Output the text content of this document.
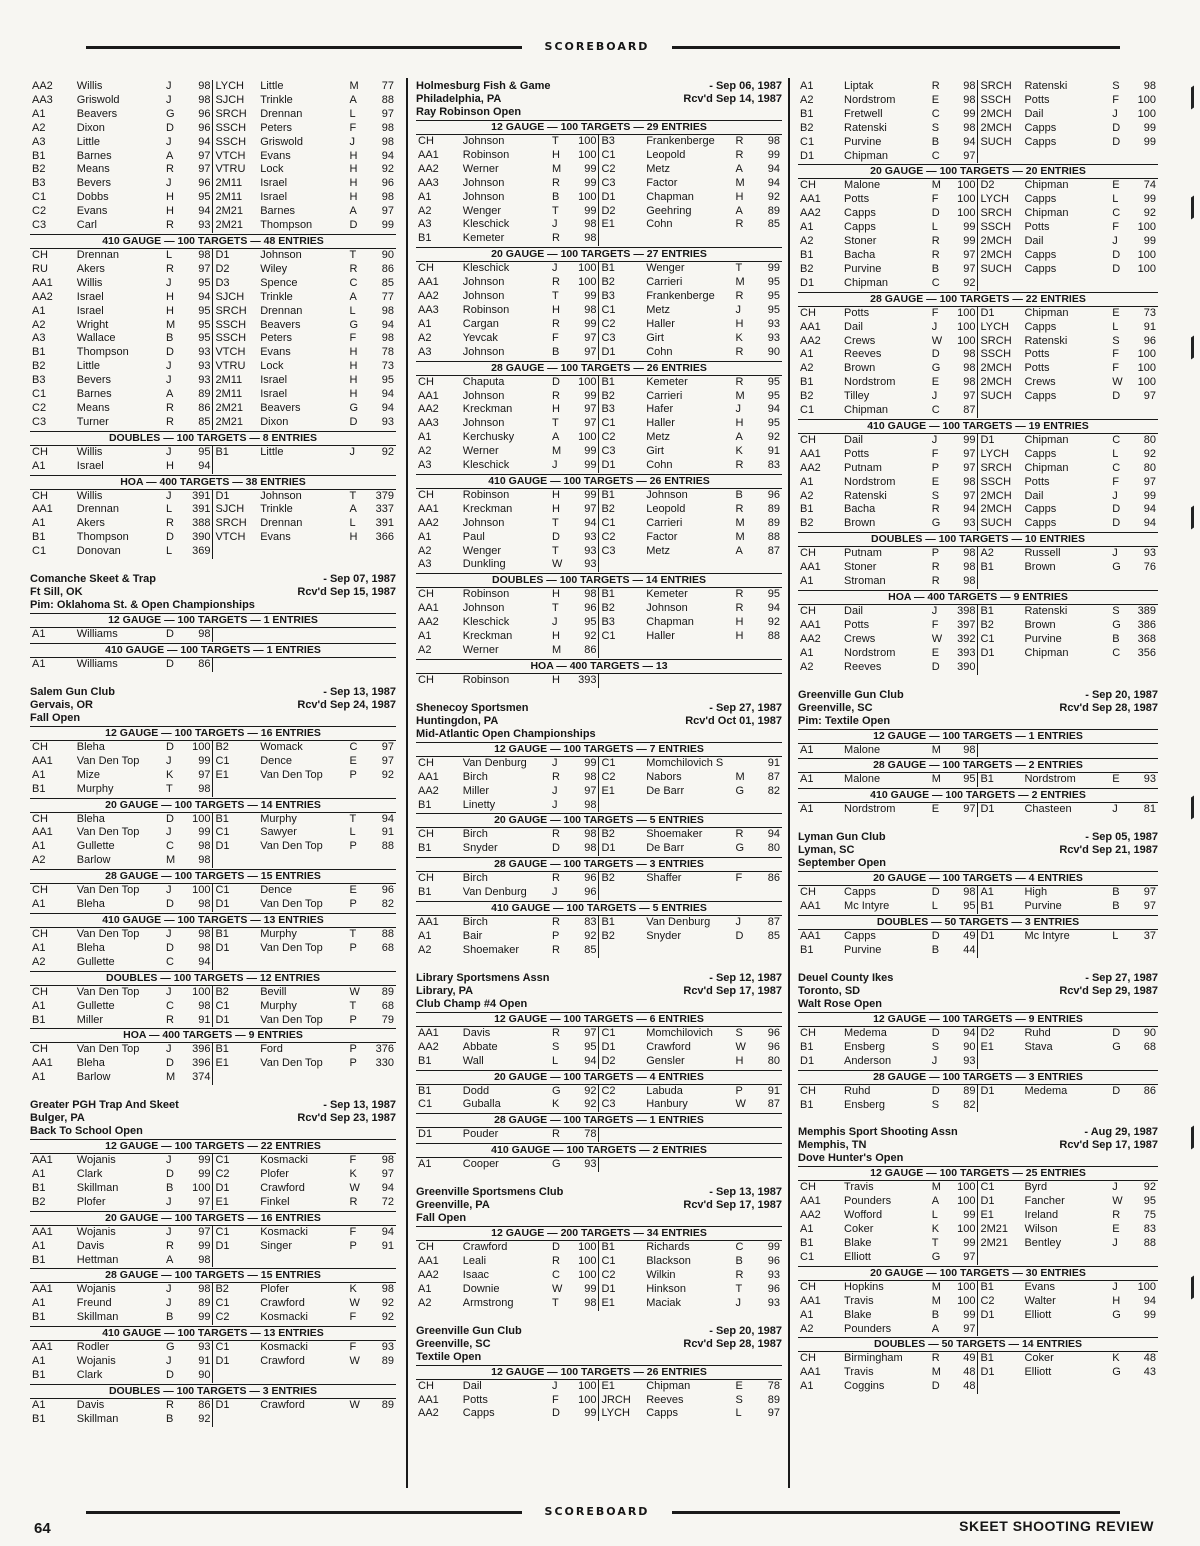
SCOREBOARD
AA2	Willis	J	98	LYCH	Little	M	77
AA3	Griswold	J	98	SJCH	Trinkle	A	88
A1	Beavers	G	96	SRCH	Drennan	L	97
A2	Dixon	D	96	SSCH	Peters	F	98
A3	Little	J	94	SSCH	Griswold	J	98
B1	Barnes	A	97	VTCH	Evans	H	94
B2	Means	R	97	VTRU	Lock	H	92
B3	Bevers	J	96	2M11	Israel	H	96
C1	Dobbs	H	95	2M11	Israel	H	98
C2	Evans	H	94	2M21	Barnes	A	97
C3	Carl	R	93	2M21	Thompson	D	99
410 GAUGE — 100 TARGETS — 48 ENTRIES
CH	Drennan	L	98	D1	Johnson	T	90
RU	Akers	R	97	D2	Wiley	R	86
AA1	Willis	J	95	D3	Spence	C	85
AA2	Israel	H	94	SJCH	Trinkle	A	77
A1	Israel	H	95	SRCH	Drennan	L	98
A2	Wright	M	95	SSCH	Beavers	G	94
A3	Wallace	B	95	SSCH	Peters	F	98
B1	Thompson	D	93	VTCH	Evans	H	78
B2	Little	J	93	VTRU	Lock	H	73
B3	Bevers	J	93	2M11	Israel	H	95
C1	Barnes	A	89	2M11	Israel	H	94
C2	Means	R	86	2M21	Beavers	G	94
C3	Turner	R	85	2M21	Dixon	D	93
DOUBLES — 100 TARGETS — 8 ENTRIES
CH	Willis	J	95	B1	Little	J	92
A1	Israel	H	94				
HOA — 400 TARGETS — 38 ENTRIES
CH	Willis	J	391	D1	Johnson	T	379
AA1	Drennan	L	391	SJCH	Trinkle	A	337
A1	Akers	R	388	SRCH	Drennan	L	391
B1	Thompson	D	390	VTCH	Evans	H	366
C1	Donovan	L	369				
Comanche Skeet & Trap	- Sep 07, 1987
Ft Sill, OK	Rcv'd Sep 15, 1987
Pim: Oklahoma St. & Open Championships
12 GAUGE — 100 TARGETS — 1 ENTRIES
A1	Williams	D	98				
410 GAUGE — 100 TARGETS — 1 ENTRIES
A1	Williams	D	86				
Salem Gun Club	- Sep 13, 1987
Gervais, OR	Rcv'd Sep 24, 1987
Fall Open
12 GAUGE — 100 TARGETS — 16 ENTRIES
CH	Bleha	D	100	B2	Womack	C	97
AA1	Van Den Top	J	99	C1	Dence	E	97
A1	Mize	K	97	E1	Van Den Top	P	92
B1	Murphy	T	98				
20 GAUGE — 100 TARGETS — 14 ENTRIES
CH	Bleha	D	100	B1	Murphy	T	94
AA1	Van Den Top	J	99	C1	Sawyer	L	91
A1	Gullette	C	98	D1	Van Den Top	P	88
A2	Barlow	M	98				
28 GAUGE — 100 TARGETS — 15 ENTRIES
CH	Van Den Top	J	100	C1	Dence	E	96
A1	Bleha	D	98	D1	Van Den Top	P	82
410 GAUGE — 100 TARGETS — 13 ENTRIES
CH	Van Den Top	J	98	B1	Murphy	T	88
A1	Bleha	D	98	D1	Van Den Top	P	68
A2	Gullette	C	94				
DOUBLES — 100 TARGETS — 12 ENTRIES
CH	Van Den Top	J	100	B2	Bevill	W	89
A1	Gullette	C	98	C1	Murphy	T	68
B1	Miller	R	91	D1	Van Den Top	P	79
HOA — 400 TARGETS — 9 ENTRIES
CH	Van Den Top	J	396	B1	Ford	P	376
AA1	Bleha	D	396	E1	Van Den Top	P	330
A1	Barlow	M	374				
Greater PGH Trap And Skeet	- Sep 13, 1987
Bulger, PA	Rcv'd Sep 23, 1987
Back To School Open
12 GAUGE — 100 TARGETS — 22 ENTRIES
AA1	Wojanis	J	99	C1	Kosmacki	F	98
A1	Clark	D	99	C2	Plofer	K	97
B1	Skillman	B	100	D1	Crawford	W	94
B2	Plofer	J	97	E1	Finkel	R	72
20 GAUGE — 100 TARGETS — 16 ENTRIES
AA1	Wojanis	J	97	C1	Kosmacki	F	94
A1	Davis	R	99	D1	Singer	P	91
B1	Hettman	A	98				
28 GAUGE — 100 TARGETS — 15 ENTRIES
AA1	Wojanis	J	98	B2	Plofer	K	98
A1	Freund	J	89	C1	Crawford	W	92
B1	Skillman	B	99	C2	Kosmacki	F	92
410 GAUGE — 100 TARGETS — 13 ENTRIES
AA1	Rodler	G	93	C1	Kosmacki	F	93
A1	Wojanis	J	91	D1	Crawford	W	89
B1	Clark	D	90				
DOUBLES — 100 TARGETS — 3 ENTRIES
A1	Davis	R	86	D1	Crawford	W	89
B1	Skillman	B	92				
Holmesburg Fish & Game	- Sep 06, 1987
Philadelphia, PA	Rcv'd Sep 14, 1987
Ray Robinson Open
12 GAUGE — 100 TARGETS — 29 ENTRIES
CH	Johnson	T	100	B3	Frankenberge	R	98
AA1	Robinson	H	100	C1	Leopold	R	99
AA2	Werner	M	99	C2	Metz	A	94
AA3	Johnson	R	99	C3	Factor	M	94
A1	Johnson	B	100	D1	Chapman	H	92
A2	Wenger	T	99	D2	Geehring	A	89
A3	Kleschick	J	98	E1	Cohn	R	85
B1	Kemeter	R	98				
20 GAUGE — 100 TARGETS — 27 ENTRIES
CH	Kleschick	J	100	B1	Wenger	T	99
AA1	Johnson	R	100	B2	Carrieri	M	95
AA2	Johnson	T	99	B3	Frankenberge	R	95
AA3	Robinson	H	98	C1	Metz	J	95
A1	Cargan	R	99	C2	Haller	H	93
A2	Yevcak	F	97	C3	Girt	K	93
A3	Johnson	B	97	D1	Cohn	R	90
28 GAUGE — 100 TARGETS — 26 ENTRIES
CH	Chaputa	D	100	B1	Kemeter	R	95
AA1	Johnson	R	99	B2	Carrieri	M	95
AA2	Kreckman	H	97	B3	Hafer	J	94
AA3	Johnson	T	97	C1	Haller	H	95
A1	Kerchusky	A	100	C2	Metz	A	92
A2	Werner	M	99	C3	Girt	K	91
A3	Kleschick	J	99	D1	Cohn	R	83
410 GAUGE — 100 TARGETS — 26 ENTRIES
CH	Robinson	H	99	B1	Johnson	B	96
AA1	Kreckman	H	97	B2	Leopold	R	89
AA2	Johnson	T	94	C1	Carrieri	M	89
A1	Paul	D	93	C2	Factor	M	88
A2	Wenger	T	93	C3	Metz	A	87
A3	Dunkling	W	93				
DOUBLES — 100 TARGETS — 14 ENTRIES
CH	Robinson	H	98	B1	Kemeter	R	95
AA1	Johnson	T	96	B2	Johnson	R	94
AA2	Kleschick	J	95	B3	Chapman	H	92
A1	Kreckman	H	92	C1	Haller	H	88
A2	Werner	M	86				
HOA — 400 TARGETS — 13
CH	Robinson	H	393				
Shenecoy Sportsmen	- Sep 27, 1987
Huntingdon, PA	Rcv'd Oct 01, 1987
Mid-Atlantic Open Championships
12 GAUGE — 100 TARGETS — 7 ENTRIES
CH	Van Denburg	J	99	C1	Momchilovich S		91
AA1	Birch	R	98	C2	Nabors	M	87
AA2	Miller	J	97	E1	De Barr	G	82
B1	Linetty	J	98				
20 GAUGE — 100 TARGETS — 5 ENTRIES
CH	Birch	R	98	B2	Shoemaker	R	94
B1	Snyder	D	98	D1	De Barr	G	80
28 GAUGE — 100 TARGETS — 3 ENTRIES
CH	Birch	R	96	B2	Shaffer	F	86
B1	Van Denburg	J	96				
410 GAUGE — 100 TARGETS — 5 ENTRIES
AA1	Birch	R	83	B1	Van Denburg	J	87
A1	Bair	P	92	B2	Snyder	D	85
A2	Shoemaker	R	85				
Library Sportsmens Assn	- Sep 12, 1987
Library, PA	Rcv'd Sep 17, 1987
Club Champ #4 Open
12 GAUGE — 100 TARGETS — 6 ENTRIES
AA1	Davis	R	97	C1	Momchilovich	S	96
AA2	Abbate	S	95	D1	Crawford	W	96
B1	Wall	L	94	D2	Gensler	H	80
20 GAUGE — 100 TARGETS — 4 ENTRIES
B1	Dodd	G	92	C2	Labuda	P	91
C1	Guballa	K	92	C3	Hanbury	W	87
28 GAUGE — 100 TARGETS — 1 ENTRIES
D1	Pouder	R	78				
410 GAUGE — 100 TARGETS — 2 ENTRIES
A1	Cooper	G	93				
Greenville Sportsmens Club	- Sep 13, 1987
Greenville, PA	Rcv'd Sep 17, 1987
Fall Open
12 GAUGE — 200 TARGETS — 34 ENTRIES
CH	Crawford	D	100	B1	Richards	C	99
AA1	Leali	R	100	C1	Blackson	B	96
AA2	Isaac	C	100	C2	Wilkin	R	93
A1	Downie	W	99	D1	Hinkson	T	96
A2	Armstrong	T	98	E1	Maciak	J	93
Greenville Gun Club	- Sep 20, 1987
Greenville, SC	Rcv'd Sep 28, 1987
Textile Open
12 GAUGE — 100 TARGETS — 26 ENTRIES
CH	Dail	J	100	E1	Chipman	E	78
AA1	Potts	F	100	JRCH	Reeves	S	89
AA2	Capps	D	99	LYCH	Capps	L	97
A1	Liptak	R	98	SRCH	Ratenski	S	98
A2	Nordstrom	E	98	SSCH	Potts	F	100
B1	Fretwell	C	99	2MCH	Dail	J	100
B2	Ratenski	S	98	2MCH	Capps	D	99
C1	Purvine	B	94	SUCH	Capps	D	99
D1	Chipman	C	97				
20 GAUGE — 100 TARGETS — 20 ENTRIES
CH	Malone	M	100	D2	Chipman	E	74
AA1	Potts	F	100	LYCH	Capps	L	99
AA2	Capps	D	100	SRCH	Chipman	C	92
A1	Capps	L	99	SSCH	Potts	F	100
A2	Stoner	R	99	2MCH	Dail	J	99
B1	Bacha	R	97	2MCH	Capps	D	100
B2	Purvine	B	97	SUCH	Capps	D	100
D1	Chipman	C	92				
28 GAUGE — 100 TARGETS — 22 ENTRIES
CH	Potts	F	100	D1	Chipman	E	73
AA1	Dail	J	100	LYCH	Capps	L	91
AA2	Crews	W	100	SRCH	Ratenski	S	96
A1	Reeves	D	98	SSCH	Potts	F	100
A2	Brown	G	98	2MCH	Potts	F	100
B1	Nordstrom	E	98	2MCH	Crews	W	100
B2	Tilley	J	97	SUCH	Capps	D	97
C1	Chipman	C	87				
410 GAUGE — 100 TARGETS — 19 ENTRIES
CH	Dail	J	99	D1	Chipman	C	80
AA1	Potts	F	97	LYCH	Capps	L	92
AA2	Putnam	P	97	SRCH	Chipman	C	80
A1	Nordstrom	E	98	SSCH	Potts	F	97
A2	Ratenski	S	97	2MCH	Dail	J	99
B1	Bacha	R	94	2MCH	Capps	D	94
B2	Brown	G	93	SUCH	Capps	D	94
DOUBLES — 100 TARGETS — 10 ENTRIES
CH	Putnam	P	98	A2	Russell	J	93
AA1	Stoner	R	98	B1	Brown	G	76
A1	Stroman	R	98				
HOA — 400 TARGETS — 9 ENTRIES
CH	Dail	J	398	B1	Ratenski	S	389
AA1	Potts	F	397	B2	Brown	G	386
AA2	Crews	W	392	C1	Purvine	B	368
A1	Nordstrom	E	393	D1	Chipman	C	356
A2	Reeves	D	390				
Greenville Gun Club	- Sep 20, 1987
Greenville, SC	Rcv'd Sep 28, 1987
Pim: Textile Open
12 GAUGE — 100 TARGETS — 1 ENTRIES
A1	Malone	M	98				
28 GAUGE — 100 TARGETS — 2 ENTRIES
A1	Malone	M	95	B1	Nordstrom	E	93
410 GAUGE — 100 TARGETS — 2 ENTRIES
A1	Nordstrom	E	97	D1	Chasteen	J	81
Lyman Gun Club	- Sep 05, 1987
Lyman, SC	Rcv'd Sep 21, 1987
September Open
20 GAUGE — 100 TARGETS — 4 ENTRIES
CH	Capps	D	98	A1	High	B	97
AA1	Mc Intyre	L	95	B1	Purvine	B	97
DOUBLES — 50 TARGETS — 3 ENTRIES
AA1	Capps	D	49	D1	Mc Intyre	L	37
B1	Purvine	B	44				
Deuel County Ikes	- Sep 27, 1987
Toronto, SD	Rcv'd Sep 29, 1987
Walt Rose Open
12 GAUGE — 100 TARGETS — 9 ENTRIES
CH	Medema	D	94	D2	Ruhd	D	90
B1	Ensberg	S	90	E1	Stava	G	68
D1	Anderson	J	93				
28 GAUGE — 100 TARGETS — 3 ENTRIES
CH	Ruhd	D	89	D1	Medema	D	86
B1	Ensberg	S	82				
Memphis Sport Shooting Assn	- Aug 29, 1987
Memphis, TN	Rcv'd Sep 17, 1987
Dove Hunter's Open
12 GAUGE — 100 TARGETS — 25 ENTRIES
CH	Travis	M	100	C1	Byrd	J	92
AA1	Pounders	A	100	D1	Fancher	W	95
AA2	Wofford	L	99	E1	Ireland	R	75
A1	Coker	K	100	2M21	Wilson	E	83
B1	Blake	T	99	2M21	Bentley	J	88
C1	Elliott	G	97				
20 GAUGE — 100 TARGETS — 30 ENTRIES
CH	Hopkins	M	100	B1	Evans	J	100
AA1	Travis	M	100	C2	Walter	H	94
A1	Blake	B	99	D1	Elliott	G	99
A2	Pounders	A	97				
DOUBLES — 50 TARGETS — 14 ENTRIES
CH	Birmingham	R	49	B1	Coker	K	48
AA1	Travis	M	48	D1	Elliott	G	43
A1	Coggins	D	48				
SCOREBOARD
64	SKEET SHOOTING REVIEW
